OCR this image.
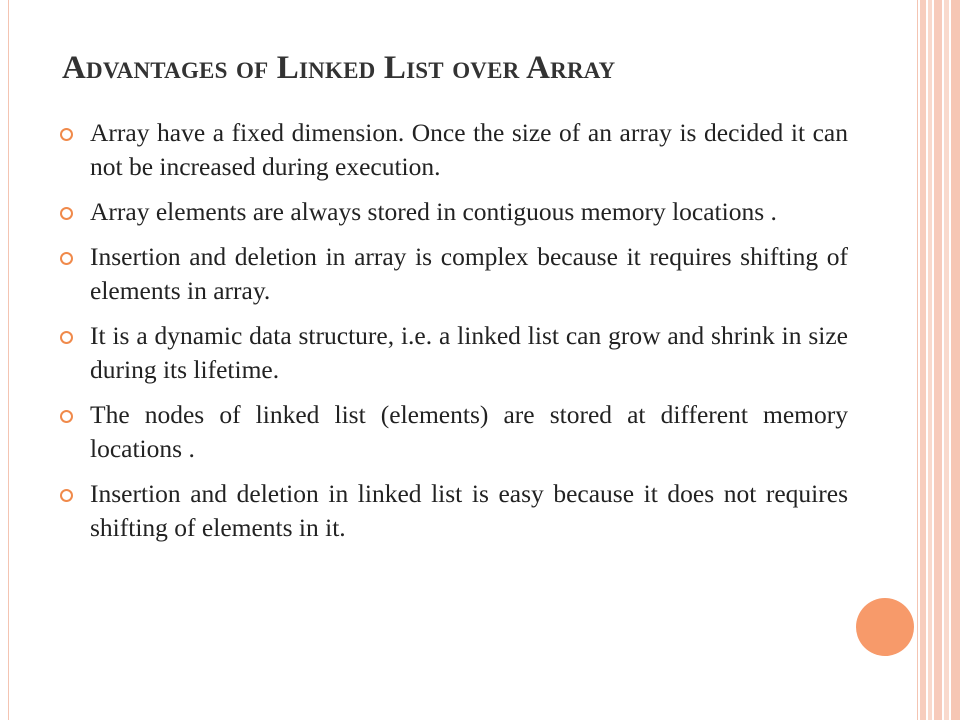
Advantages of Linked List over Array
Array have a fixed dimension. Once the size of an array is decided it can not be increased during execution.
Array elements are always stored in contiguous memory locations .
Insertion and deletion in array is complex because it requires shifting of elements in array.
It is a dynamic data structure, i.e. a linked list can grow and shrink in size during its lifetime.
The nodes of linked list (elements) are stored at different memory locations .
Insertion and deletion in linked list is easy because it does not requires shifting of elements in it.
